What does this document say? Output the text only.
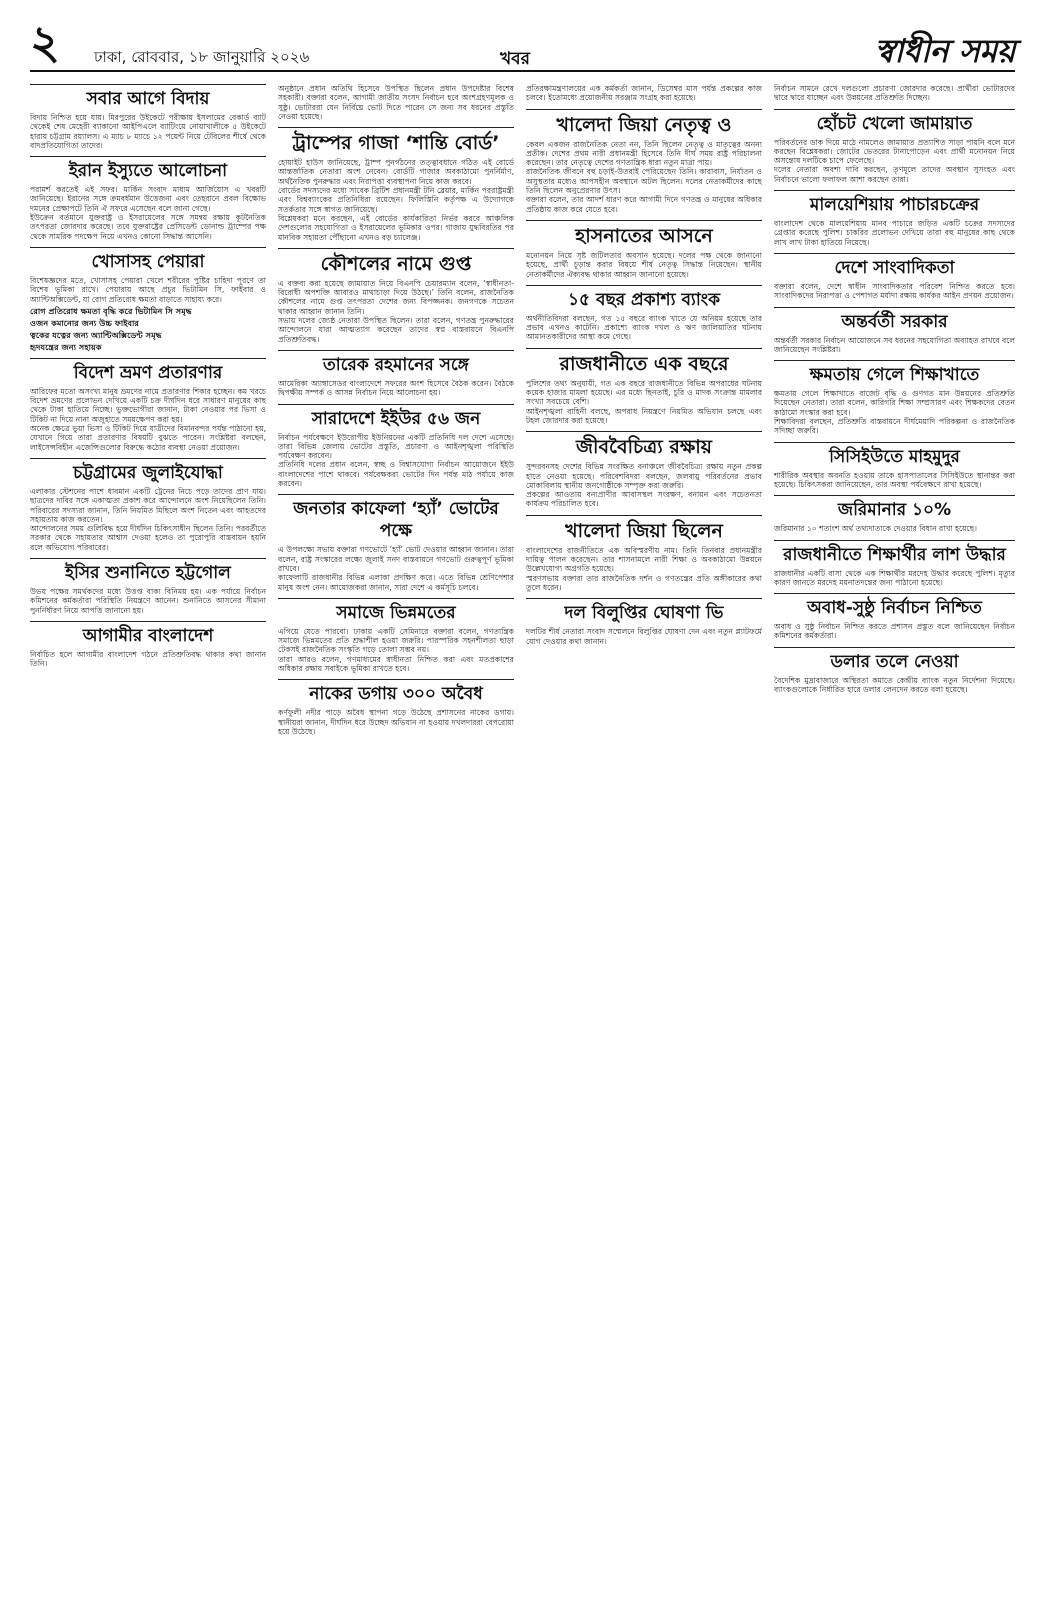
২ ঢাকা, রোববার, ১৮ জানুয়ারি ২০২৬	খবর	স্বাধীন সময়
সবার আগে বিদায়
বিদায় নিশ্চিত হয়ে যায়। মিরপুরের উইকেটে পরীক্ষায় ইসলামের বেকার্ড ব্যাট থেকেই শেষ মেহেরী ব্যাকানো আইপিএলে ব্যাটিংয়ে নোয়াখালীকে ৫ উইকেটে হারায় চট্টগ্রাম রয়্যালস। এ ম্যাচ ৮ ম্যাচে ১২ পয়েন্ট নিয়ে টেবিলের শীর্ষে থেকে বাদপ্রতিযোগিতা তাদের।
ইরান ইস্যুতে আলোচনা
পরামর্শ করতেই এই সফর। মার্কিন সংবাদ মাধ্যম আর্জিয়োস এ খবরটি জানিয়েছে। ইরানের সঙ্গে ক্রমবর্ধমান উত্তেজনা এবং তেহরানে প্রবল বিক্ষোভ দমনের প্রেক্ষাপটে তিনি ঐ সফরে এসেছেন বলে জানা গেছে।
ইউক্রেন বর্তমানে যুক্তরাষ্ট্র ও ইসরায়েলের সঙ্গে সমন্বয় রক্ষায় কূটনৈতিক তৎপরতা জোরদার করেছে। তবে যুক্তরাষ্ট্রের প্রেসিডেন্ট ডোনাল্ড ট্রাম্পের পক্ষ থেকে সামরিক পদক্ষেপ নিয়ে এখনও কোনো সিদ্ধান্ত আসেনি।
খোসাসহ পেয়ারা
বিশেষজ্ঞদের মতে, খোসাসহ পেয়ারা খেলে শরীরের পুষ্টির চাহিদা পূরণে তা বিশেষ ভূমিকা রাখে। পেয়ারায় আছে প্রচুর ভিটামিন সি, ফাইবার ও অ্যান্টিঅক্সিডেন্ট, যা রোগ প্রতিরোধ ক্ষমতা বাড়াতে সাহায্য করে।
রোগ প্রতিরোধ ক্ষমতা বৃদ্ধি করে ভিটামিন সি সমৃদ্ধ
ওজন কমানোর জন্য উচ্চ ফাইবার
ত্বকের যত্নের জন্য অ্যান্টিঅক্সিডেন্ট সমৃদ্ধ
হৃদযন্ত্রের জন্য সহায়ক
বিদেশ ভ্রমণ প্রতারণার
আরিফের মতো অসংখ্য মানুষ ভ্রমণের নামে প্রতারণার শিকার হচ্ছেন। কম খরচে বিদেশ ভ্রমণের প্রলোভন দেখিয়ে একটি চক্র দীর্ঘদিন ধরে সাধারণ মানুষের কাছ থেকে টাকা হাতিয়ে নিচ্ছে। ভুক্তভোগীরা জানান, টাকা নেওয়ার পর ভিসা ও টিকিট না দিয়ে নানা অজুহাতে সময়ক্ষেপণ করা হয়।
অনেক ক্ষেত্রে ভুয়া ভিসা ও টিকিট দিয়ে যাত্রীদের বিমানবন্দর পর্যন্ত পাঠানো হয়, যেখানে গিয়ে তারা প্রতারণার বিষয়টি বুঝতে পারেন। সংশ্লিষ্টরা বলছেন, লাইসেন্সবিহীন এজেন্সিগুলোর বিরুদ্ধে কঠোর ব্যবস্থা নেওয়া প্রয়োজন।
চট্টগ্রামের জুলাইযোদ্ধা
এলাকার স্টেশনের পাশে ধাবমান একটি ট্রেনের নিচে পড়ে তাদের প্রাণ যায়। ছাত্রদের দাবির সঙ্গে একাত্মতা প্রকাশ করে আন্দোলনে অংশ নিয়েছিলেন তিনি। পরিবারের সদস্যরা জানান, তিনি নিয়মিত মিছিলে অংশ নিতেন এবং আহতদের সহায়তায় কাজ করতেন।
আন্দোলনের সময় গুলিবিদ্ধ হয়ে দীর্ঘদিন চিকিৎসাধীন ছিলেন তিনি। পরবর্তীতে সরকার থেকে সহায়তার আশ্বাস দেওয়া হলেও তা পুরোপুরি বাস্তবায়ন হয়নি বলে অভিযোগ পরিবারের।
ইসির শুনানিতে হট্টগোল
উভয় পক্ষের সমর্থকদের মধ্যে উত্তপ্ত বাক্য বিনিময় হয়। এক পর্যায়ে নির্বাচন কমিশনের কর্মকর্তারা পরিস্থিতি নিয়ন্ত্রণে আনেন। শুনানিতে আসনের সীমানা পুনর্নির্ধারণ নিয়ে আপত্তি জানানো হয়।
আগামীর বাংলাদেশ
নির্বাচিত হলে আগামীর বাংলাদেশ গঠনে প্রতিশ্রুতিবদ্ধ থাকার কথা জানান তিনি।
অনুষ্ঠানে প্রধান অতিথি হিসেবে উপস্থিত ছিলেন প্রধান উপদেষ্টার বিশেষ সহকারী। বক্তারা বলেন, আগামী জাতীয় সংসদ নির্বাচন হবে অংশগ্রহণমূলক ও সুষ্ঠু। ভোটাররা যেন নির্বিঘ্নে ভোট দিতে পারেন সে জন্য সব ধরনের প্রস্তুতি নেওয়া হয়েছে।
ট্রাম্পের গাজা ‘শান্তি বোর্ড’
হোয়াইট হাউস জানিয়েছে, ট্রাম্প পুনর্গঠনের তত্ত্বাবধানে গঠিত এই বোর্ডে আন্তর্জাতিক নেতারা অংশ নেবেন। বোর্ডটি গাজার অবকাঠামো পুনর্নির্মাণ, অর্থনৈতিক পুনরুদ্ধার এবং নিরাপত্তা ব্যবস্থাপনা নিয়ে কাজ করবে।
বোর্ডের সদস্যদের মধ্যে সাবেক ব্রিটিশ প্রধানমন্ত্রী টনি ব্লেয়ার, মার্কিন পররাষ্ট্রমন্ত্রী এবং বিশ্বব্যাংকের প্রতিনিধিরা রয়েছেন। ফিলিস্তিনি কর্তৃপক্ষ এ উদ্যোগকে সতর্কতার সঙ্গে স্বাগত জানিয়েছে।
বিশ্লেষকরা মনে করছেন, এই বোর্ডের কার্যকারিতা নির্ভর করবে আঞ্চলিক দেশগুলোর সহযোগিতা ও ইসরায়েলের ভূমিকার ওপর। গাজায় যুদ্ধবিরতির পর মানবিক সহায়তা পৌঁছানো এখনও বড় চ্যালেঞ্জ।
কৌশলের নামে গুপ্ত
এ বক্তব্য করা হয়েছে জামায়াত নিয়ে বিএনপি চেয়ারম্যান বলেন, ‘স্বাধীনতা-বিরোধী অপশক্তি আবারও মাথাচাড়া দিয়ে উঠছে।’ তিনি বলেন, রাজনৈতিক কৌশলের নামে গুপ্ত তৎপরতা দেশের জন্য বিপজ্জনক। জনগণকে সচেতন থাকার আহ্বান জানান তিনি।
সভায় দলের জ্যেষ্ঠ নেতারা উপস্থিত ছিলেন। তারা বলেন, গণতন্ত্র পুনরুদ্ধারের আন্দোলনে যারা আত্মত্যাগ করেছেন তাদের স্বপ্ন বাস্তবায়নে বিএনপি প্রতিশ্রুতিবদ্ধ।
তারেক রহমানের সঙ্গে
আমেরিকা অ্যাম্বাসেডর বাংলাদেশে সফরের অংশ হিসেবে বৈঠক করেন। বৈঠকে দ্বিপক্ষীয় সম্পর্ক ও আসন্ন নির্বাচন নিয়ে আলোচনা হয়।
সারাদেশে ইইউর ৫৬ জন
নির্বাচন পর্যবেক্ষণে ইউরোপীয় ইউনিয়নের একটি প্রতিনিধি দল দেশে এসেছে। তারা বিভিন্ন জেলায় ভোটের প্রস্তুতি, প্রচারণা ও আইনশৃঙ্খলা পরিস্থিতি পর্যবেক্ষণ করবেন।
প্রতিনিধি দলের প্রধান বলেন, স্বচ্ছ ও বিশ্বাসযোগ্য নির্বাচন আয়োজনে ইইউ বাংলাদেশের পাশে থাকবে। পর্যবেক্ষকরা ভোটের দিন পর্যন্ত মাঠ পর্যায়ে কাজ করবেন।
জনতার কাফেলা ‘হ্যাঁ’ ভোটের পক্ষে
এ উপলক্ষ্যে সভায় বক্তারা গণভোটে ‘হ্যাঁ’ ভোট দেওয়ার আহ্বান জানান। তারা বলেন, রাষ্ট্র সংস্কারের লক্ষ্যে জুলাই সনদ বাস্তবায়নে গণভোট গুরুত্বপূর্ণ ভূমিকা রাখবে।
কাফেলাটি রাজধানীর বিভিন্ন এলাকা প্রদক্ষিণ করে। এতে বিভিন্ন শ্রেণিপেশার মানুষ অংশ নেন। আয়োজকরা জানান, সারা দেশে এ কর্মসূচি চলবে।
সমাজে ভিন্নমতের
এগিয়ে যেতে পারবো। ঢাকায় একটি সেমিনারে বক্তারা বলেন, গণতান্ত্রিক সমাজে ভিন্নমতের প্রতি শ্রদ্ধাশীল হওয়া জরুরি। পারস্পরিক সহনশীলতা ছাড়া টেকসই রাজনৈতিক সংস্কৃতি গড়ে তোলা সম্ভব নয়।
তারা আরও বলেন, গণমাধ্যমের স্বাধীনতা নিশ্চিত করা এবং মতপ্রকাশের অধিকার রক্ষায় সবাইকে ভূমিকা রাখতে হবে।
নাকের ডগায় ৩০০ অবৈধ
কর্ণফুলী নদীর পাড়ে অবৈধ স্থাপনা গড়ে উঠেছে প্রশাসনের নাকের ডগায়। স্থানীয়রা জানান, দীর্ঘদিন ধরে উচ্ছেদ অভিযান না হওয়ায় দখলদাররা বেপরোয়া হয়ে উঠেছে।
প্রতিরক্ষামন্ত্রণালয়ের এক কর্মকর্তা জানান, ডিসেম্বর মাস পর্যন্ত প্রকল্পের কাজ চলবে। ইতোমধ্যে প্রয়োজনীয় সরঞ্জাম সংগ্রহ করা হয়েছে।
খালেদা জিয়া নেতৃত্ব ও
কেবল একজন রাজনৈতিক নেতা নন, তিনি ছিলেন নেতৃত্ব ও মাতৃত্বের অনন্য প্রতীক। দেশের প্রথম নারী প্রধানমন্ত্রী হিসেবে তিনি দীর্ঘ সময় রাষ্ট্র পরিচালনা করেছেন। তার নেতৃত্বে দেশের গণতান্ত্রিক ধারা নতুন মাত্রা পায়।
রাজনৈতিক জীবনে বহু চড়াই-উতরাই পেরিয়েছেন তিনি। কারাবাস, নির্যাতন ও অসুস্থতার মধ্যেও আপসহীন অবস্থানে অটল ছিলেন। দলের নেতাকর্মীদের কাছে তিনি ছিলেন অনুপ্রেরণার উৎস।
বক্তারা বলেন, তার আদর্শ ধারণ করে আগামী দিনে গণতন্ত্র ও মানুষের অধিকার প্রতিষ্ঠায় কাজ করে যেতে হবে।
হাসনাতের আসনে
মনোনয়ন নিয়ে সৃষ্ট জটিলতার অবসান হয়েছে। দলের পক্ষ থেকে জানানো হয়েছে, প্রার্থী চূড়ান্ত করার বিষয়ে শীর্ষ নেতৃত্ব সিদ্ধান্ত নিয়েছেন। স্থানীয় নেতাকর্মীদের ঐক্যবদ্ধ থাকার আহ্বান জানানো হয়েছে।
১৫ বছর প্রকাশ্য ব্যাংক
অর্থনীতিবিদরা বলছেন, গত ১৫ বছরে ব্যাংক খাতে যে অনিয়ম হয়েছে তার প্রভাব এখনও কাটেনি। প্রকাশ্যে ব্যাংক দখল ও ঋণ জালিয়াতির ঘটনায় আমানতকারীদের আস্থা কমে গেছে।
রাজধানীতে এক বছরে
পুলিশের তথ্য অনুযায়ী, গত এক বছরে রাজধানীতে বিভিন্ন অপরাধের ঘটনায় কয়েক হাজার মামলা হয়েছে। এর মধ্যে ছিনতাই, চুরি ও মাদক সংক্রান্ত মামলার সংখ্যা সবচেয়ে বেশি।
আইনশৃঙ্খলা বাহিনী বলছে, অপরাধ নিয়ন্ত্রণে নিয়মিত অভিযান চলছে এবং টহল জোরদার করা হয়েছে।
জীববৈচিত্র্য রক্ষায়
সুন্দরবনসহ দেশের বিভিন্ন সংরক্ষিত বনাঞ্চলে জীববৈচিত্র্য রক্ষায় নতুন প্রকল্প হাতে নেওয়া হয়েছে। পরিবেশবিদরা বলছেন, জলবায়ু পরিবর্তনের প্রভাব মোকাবিলায় স্থানীয় জনগোষ্ঠীকে সম্পৃক্ত করা জরুরি।
প্রকল্পের আওতায় বন্যপ্রাণীর আবাসস্থল সংরক্ষণ, বনায়ন এবং সচেতনতা কার্যক্রম পরিচালিত হবে।
খালেদা জিয়া ছিলেন
বাংলাদেশের রাজনীতিতে এক অবিস্মরণীয় নাম। তিনি তিনবার প্রধানমন্ত্রীর দায়িত্ব পালন করেছেন। তার শাসনামলে নারী শিক্ষা ও অবকাঠামো উন্নয়নে উল্লেখযোগ্য অগ্রগতি হয়েছে।
স্মরণসভায় বক্তারা তার রাজনৈতিক দর্শন ও গণতন্ত্রের প্রতি অঙ্গীকারের কথা তুলে ধরেন।
দল বিলুপ্তির ঘোষণা ভি
দলটির শীর্ষ নেতারা সংবাদ সম্মেলনে বিলুপ্তির ঘোষণা দেন এবং নতুন প্ল্যাটফর্মে যোগ দেওয়ার কথা জানান।
নির্বাচন সামনে রেখে দলগুলো প্রচারণা জোরদার করেছে। প্রার্থীরা ভোটারদের দ্বারে দ্বারে যাচ্ছেন এবং উন্নয়নের প্রতিশ্রুতি দিচ্ছেন।
হোঁচট খেলো জামায়াত
পরিবর্তনের ডাক দিয়ে মাঠে নামলেও জামায়াত প্রত্যাশিত সাড়া পায়নি বলে মনে করছেন বিশ্লেষকরা। জোটের ভেতরের টানাপোড়েন এবং প্রার্থী মনোনয়ন নিয়ে অসন্তোষ দলটিকে চাপে ফেলেছে।
দলের নেতারা অবশ্য দাবি করছেন, তৃণমূলে তাদের অবস্থান সুসংহত এবং নির্বাচনে ভালো ফলাফল আশা করছেন তারা।
মালয়েশিয়ায় পাচারচক্রের
বাংলাদেশ থেকে মালয়েশিয়ায় মানব পাচারে জড়িত একটি চক্রের সদস্যদের গ্রেপ্তার করেছে পুলিশ। চাকরির প্রলোভন দেখিয়ে তারা বহু মানুষের কাছ থেকে লাখ লাখ টাকা হাতিয়ে নিয়েছে।
দেশে সাংবাদিকতা
বক্তারা বলেন, দেশে স্বাধীন সাংবাদিকতার পরিবেশ নিশ্চিত করতে হবে। সাংবাদিকদের নিরাপত্তা ও পেশাগত মর্যাদা রক্ষায় কার্যকর আইন প্রণয়ন প্রয়োজন।
অন্তর্বর্তী সরকার
অন্তর্বর্তী সরকার নির্বাচন আয়োজনে সব ধরনের সহযোগিতা অব্যাহত রাখবে বলে জানিয়েছেন সংশ্লিষ্টরা।
ক্ষমতায় গেলে শিক্ষাখাতে
ক্ষমতায় গেলে শিক্ষাখাতে বাজেট বৃদ্ধি ও গুণগত মান উন্নয়নের প্রতিশ্রুতি দিয়েছেন নেতারা। তারা বলেন, কারিগরি শিক্ষা সম্প্রসারণ এবং শিক্ষকদের বেতন কাঠামো সংস্কার করা হবে।
শিক্ষাবিদরা বলছেন, প্রতিশ্রুতি বাস্তবায়নে দীর্ঘমেয়াদি পরিকল্পনা ও রাজনৈতিক সদিচ্ছা জরুরি।
সিসিইউতে মাহমুদুর
শারীরিক অবস্থার অবনতি হওয়ায় তাকে হাসপাতালের সিসিইউতে স্থানান্তর করা হয়েছে। চিকিৎসকরা জানিয়েছেন, তার অবস্থা পর্যবেক্ষণে রাখা হয়েছে।
জরিমানার ১০%
জরিমানার ১০ শতাংশ অর্থ তথ্যদাতাকে দেওয়ার বিধান রাখা হয়েছে।
রাজধানীতে শিক্ষার্থীর লাশ উদ্ধার
রাজধানীর একটি বাসা থেকে এক শিক্ষার্থীর মরদেহ উদ্ধার করেছে পুলিশ। মৃত্যুর কারণ জানতে মরদেহ ময়নাতদন্তের জন্য পাঠানো হয়েছে।
অবাধ-সুষ্ঠু নির্বাচন নিশ্চিত
অবাধ ও সুষ্ঠু নির্বাচন নিশ্চিত করতে প্রশাসন প্রস্তুত বলে জানিয়েছেন নির্বাচন কমিশনের কর্মকর্তারা।
ডলার তলে নেওয়া
বৈদেশিক মুদ্রাবাজারে অস্থিরতা কমাতে কেন্দ্রীয় ব্যাংক নতুন নির্দেশনা দিয়েছে। ব্যাংকগুলোকে নির্ধারিত হারে ডলার লেনদেন করতে বলা হয়েছে।
